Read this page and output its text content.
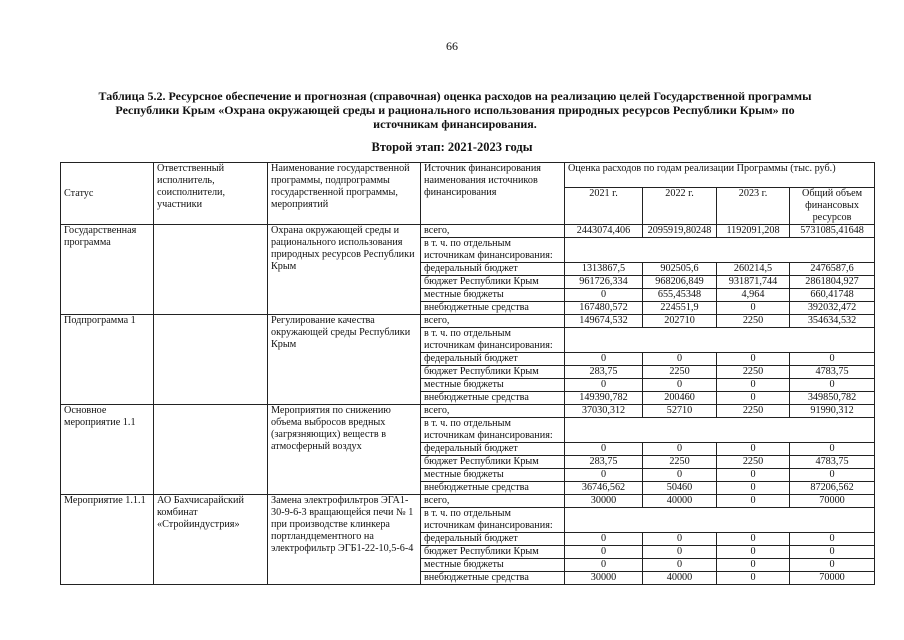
66
Таблица 5.2. Ресурсное обеспечение и прогнозная (справочная) оценка расходов на реализацию целей Государственной программы
Республики Крым «Охрана окружающей среды и рационального использования природных ресурсов Республики Крым» по
источникам финансирования.
Второй этап: 2021-2023 годы
Статус	Ответственный исполнитель, соисполнители, участники	Наименование государственной программы, подпрограммы государственной программы, мероприятий	Источник финансирования наименования источников финансирования	Оценка расходов по годам реализации Программы (тыс. руб.)			
				2021 г.	2022 г.	2023 г.	Общий объем финансовых ресурсов
Государственная программа		Охрана окружающей среды и рационального использования природных ресурсов Республики Крым	всего,	2443074,406	2095919,80248	1192091,208	5731085,41648
			в т. ч. по отдельным источникам финансирования:				
			федеральный бюджет	1313867,5	902505,6	260214,5	2476587,6
			бюджет Республики Крым	961726,334	968206,849	931871,744	2861804,927
			местные бюджеты	0	655,45348	4,964	660,41748
			внебюджетные средства	167480,572	224551,9	0	392032,472
Подпрограмма 1		Регулирование качества окружающей среды Республики Крым	всего,	149674,532	202710	2250	354634,532
			в т. ч. по отдельным источникам финансирования:				
			федеральный бюджет	0	0	0	0
			бюджет Республики Крым	283,75	2250	2250	4783,75
			местные бюджеты	0	0	0	0
			внебюджетные средства	149390,782	200460	0	349850,782
Основное мероприятие 1.1		Мероприятия по снижению объема выбросов вредных (загрязняющих) веществ в атмосферный воздух	всего,	37030,312	52710	2250	91990,312
			в т. ч. по отдельным источникам финансирования:				
			федеральный бюджет	0	0	0	0
			бюджет Республики Крым	283,75	2250	2250	4783,75
			местные бюджеты	0	0	0	0
			внебюджетные средства	36746,562	50460	0	87206,562
Мероприятие 1.1.1	АО Бахчисарайский комбинат «Стройиндустрия»	Замена электрофильтров ЭГА1-30-9-6-3 вращающейся печи № 1 при производстве клинкера портландцементного на электрофильтр ЭГБ1-22-10,5-6-4	всего,	30000	40000	0	70000
			в т. ч. по отдельным источникам финансирования:				
			федеральный бюджет	0	0	0	0
			бюджет Республики Крым	0	0	0	0
			местные бюджеты	0	0	0	0
			внебюджетные средства	30000	40000	0	70000
